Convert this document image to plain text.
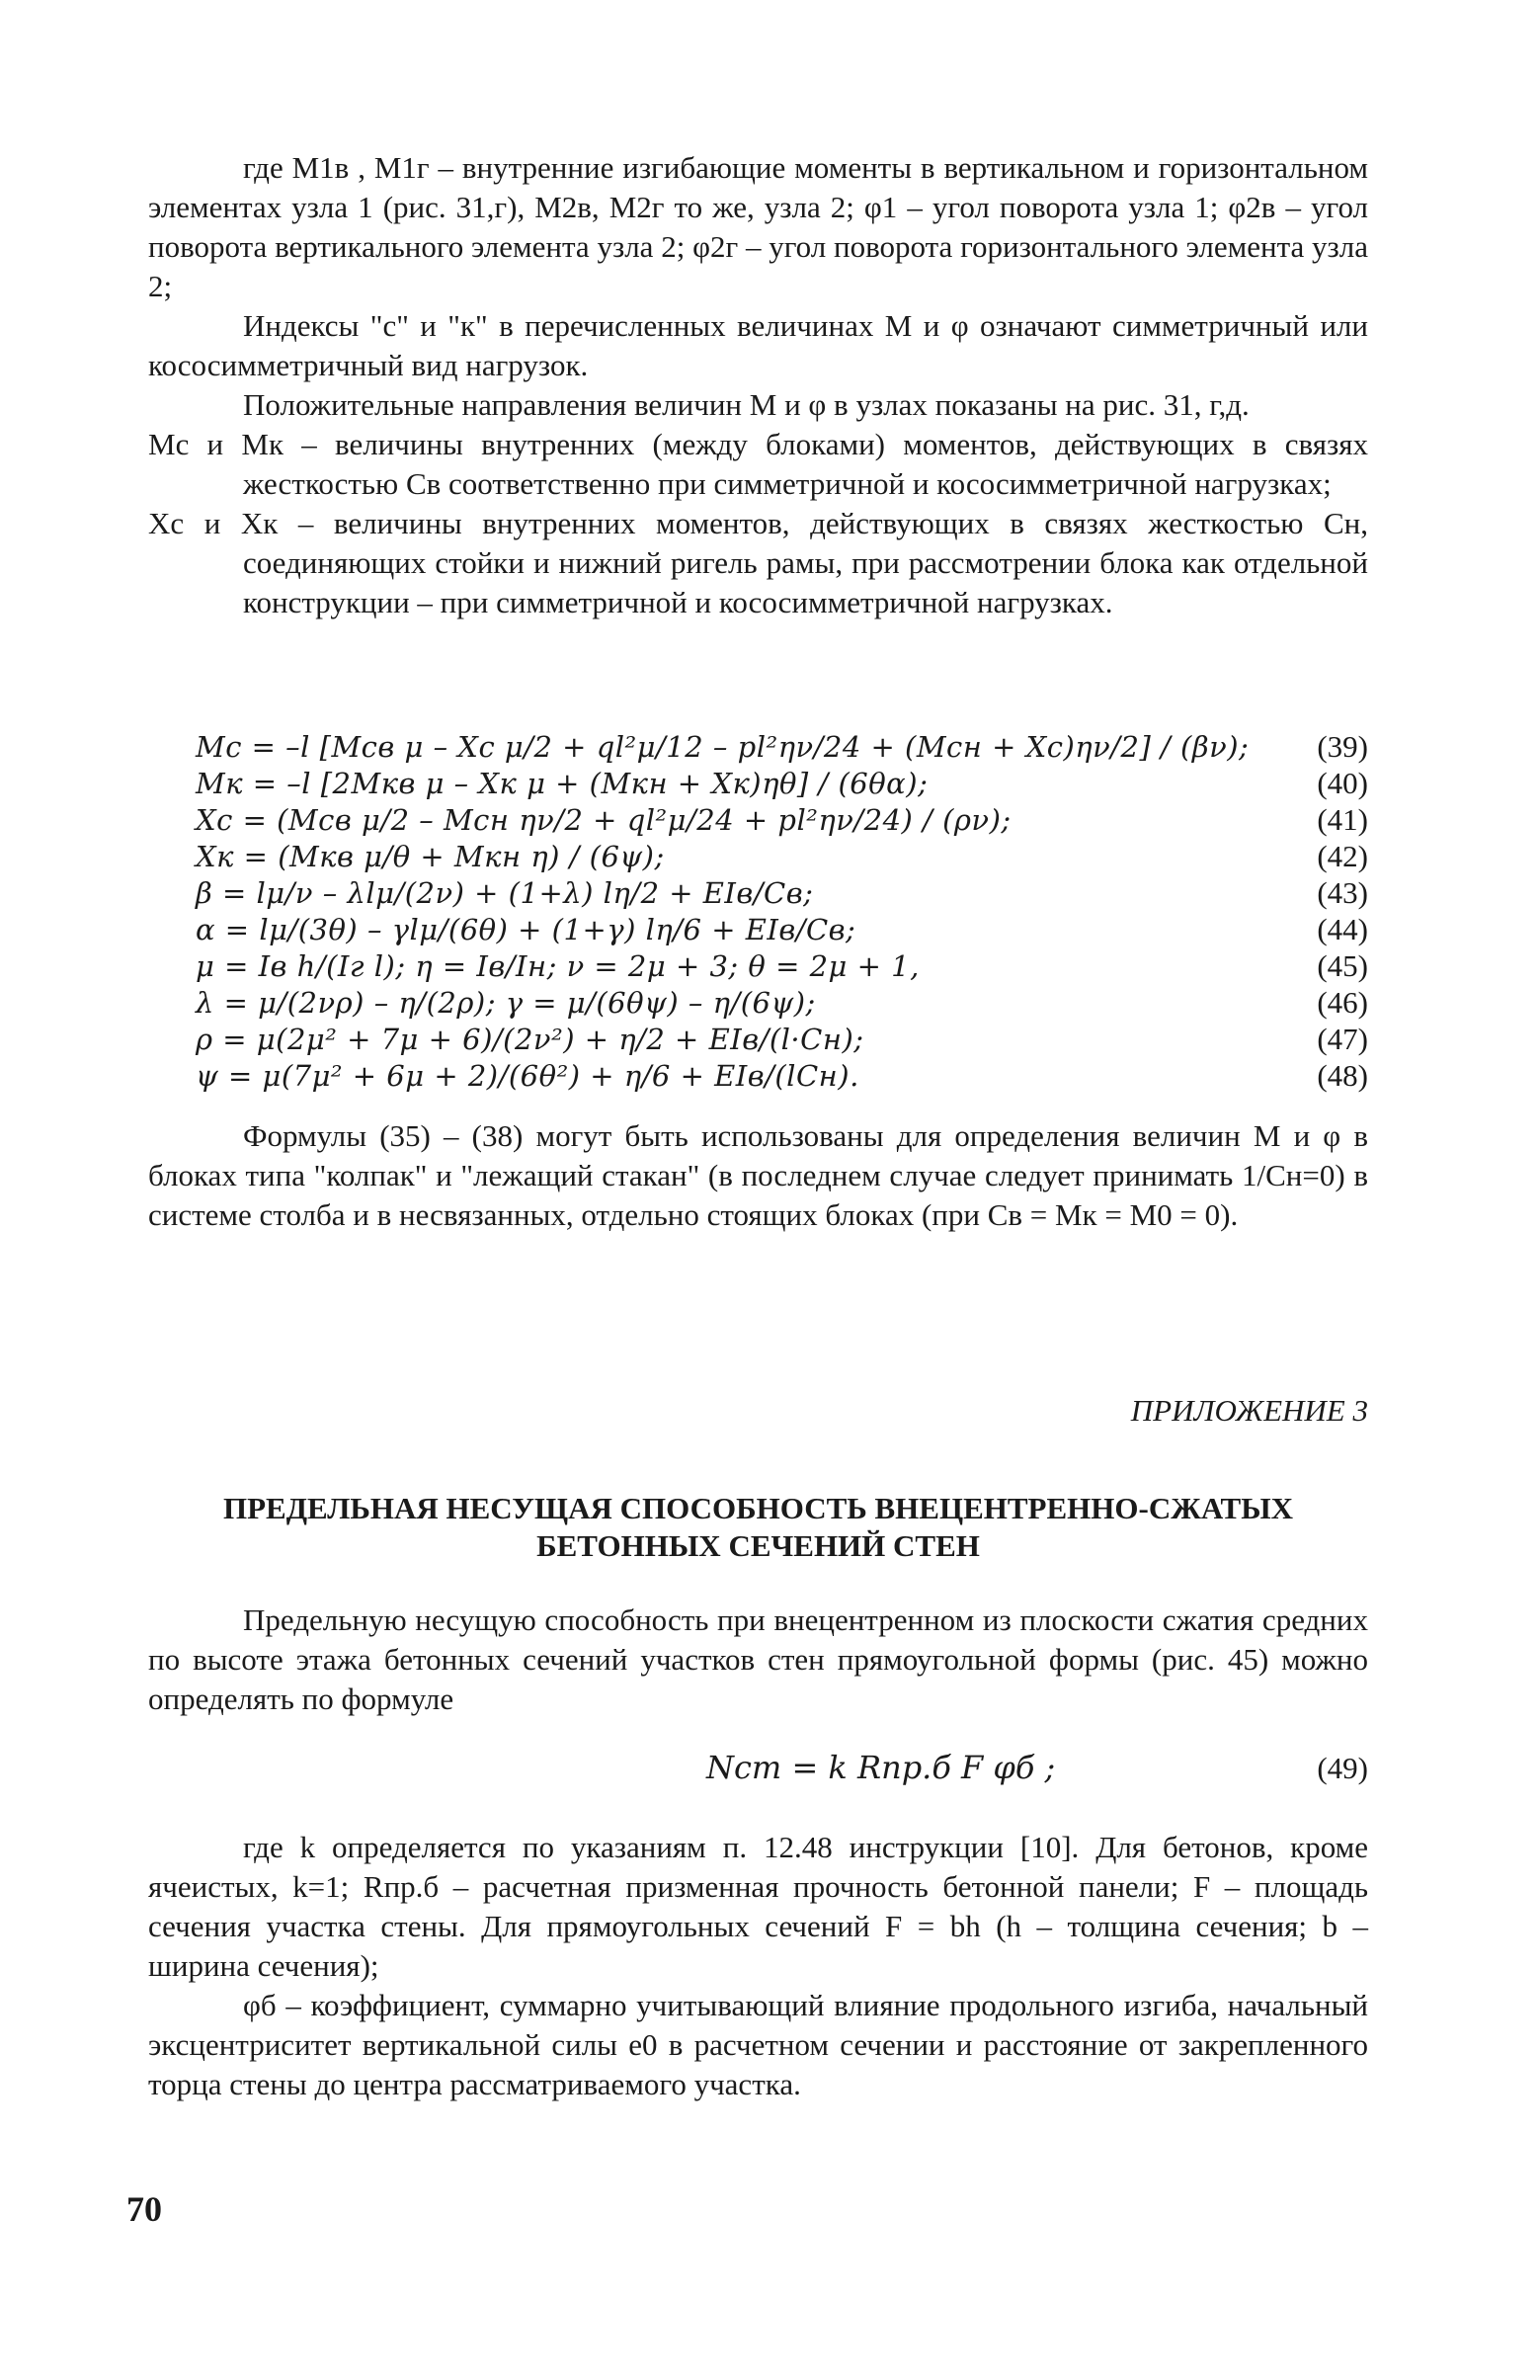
где M1в , M1г – внутренние изгибающие моменты в вертикальном и горизонтальном элементах узла 1 (рис. 31,г), M2в, M2г то же, узла 2; φ1 – угол поворота узла 1; φ2в – угол поворота вертикального элемента узла 2; φ2г – угол поворота горизонтального элемента узла 2;

Индексы "с" и "к" в перечисленных величинах M и φ означают симметричный или кососимметричный вид нагрузок.

Положительные направления величин M и φ в узлах показаны на рис. 31, г,д.

Mc и Mк – величины внутренних (между блоками) моментов, действующих в связях жесткостью Cв соответственно при симметричной и кососимметричной нагрузках;

Xc и Xк – величины внутренних моментов, действующих в связях жесткостью Cн, соединяющих стойки и нижний ригель рамы, при рассмотрении блока как отдельной конструкции – при симметричной и кососимметричной нагрузках.

Mc = –l [Mcв μ – Xc μ/2 + ql²μ/12 – pl²ην/24 + (Mcн + Xc)ην/2] / (βν); (39)
Mк = –l [2Mкв μ – Xк μ + (Mкн + Xк)ηθ] / (6θα);	(40)
Xc = (Mcв μ/2 – Mcн ην/2 + ql²μ/24 + pl²ην/24) / (ρν);	(41)
Xк = (Mкв μ/θ + Mкн η) / (6ψ);	(42)
β = lμ/ν – λlμ/(2ν) + (1+λ) lη/2 + EIв/Cв;	(43)
α = lμ/(3θ) – γlμ/(6θ) + (1+γ) lη/6 + EIв/Cв;	(44)
μ = Iв h/(Iг l); η = Iв/Iн; ν = 2μ + 3; θ = 2μ + 1,	(45)
λ = μ/(2νρ) – η/(2ρ); γ = μ/(6θψ) – η/(6ψ);	(46)
ρ = μ(2μ² + 7μ + 6)/(2ν²) + η/2 + EIв/(l·Cн);	(47)
ψ = μ(7μ² + 6μ + 2)/(6θ²) + η/6 + EIв/(lCн).	(48)

Формулы (35) – (38) могут быть использованы для определения величин M и φ в блоках типа "колпак" и "лежащий стакан" (в последнем случае следует принимать 1/Cн=0) в системе столба и в несвязанных, отдельно стоящих блоках (при Cв = Mк = M0 = 0).

ПРИЛОЖЕНИЕ 3
ПРЕДЕЛЬНАЯ НЕСУЩАЯ СПОСОБНОСТЬ ВНЕЦЕНТРЕННО-СЖАТЫХ
БЕТОННЫХ СЕЧЕНИЙ СТЕН

Предельную несущую способность при внецентренном из плоскости сжатия средних по высоте этажа бетонных сечений участков стен прямоугольной формы (рис. 45) можно определять по формуле

Nст = k Rпр.б F φб ;	(49)

где k определяется по указаниям п. 12.48 инструкции [10]. Для бетонов, кроме ячеистых, k=1; Rпр.б – расчетная призменная прочность бетонной панели; F – площадь сечения участка стены. Для прямоугольных сечений F = bh (h – толщина сечения; b – ширина сечения);

φб – коэффициент, суммарно учитывающий влияние продольного изгиба, начальный эксцентриситет вертикальной силы e0 в расчетном сечении и расстояние от закрепленного торца стены до центра рассматриваемого участка.

70
